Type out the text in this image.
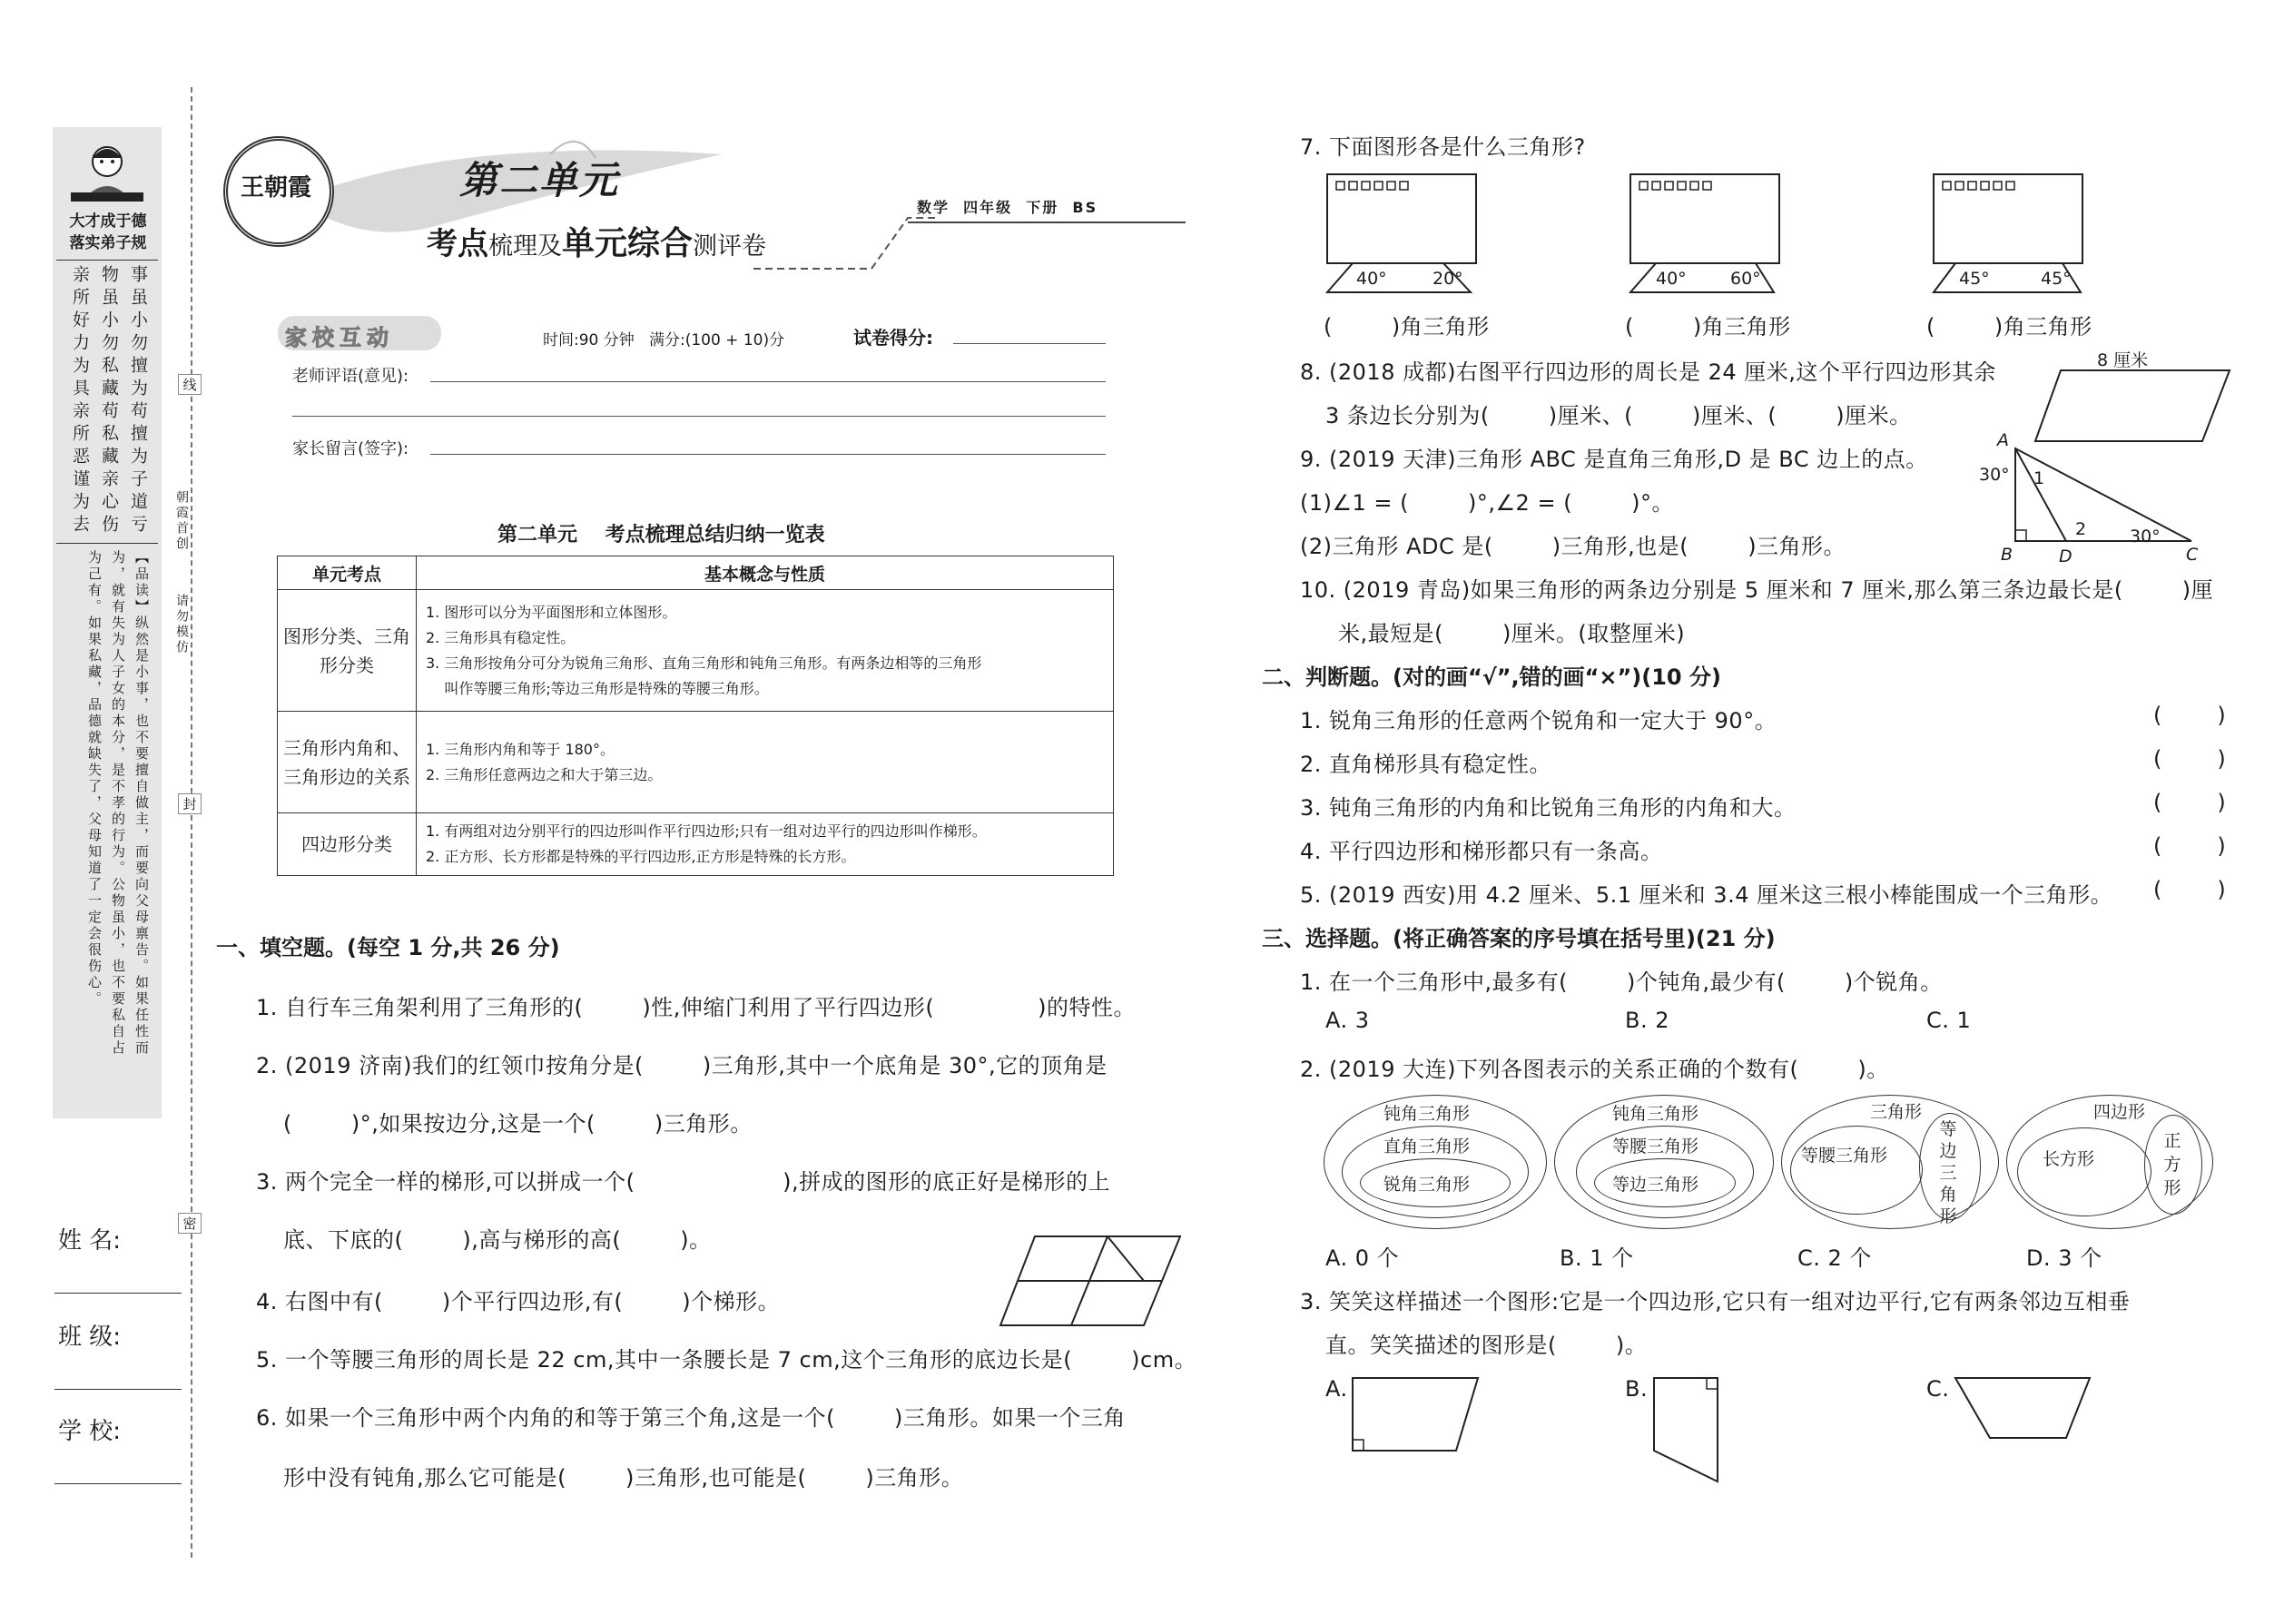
大才成于德
落实弟子规
事虽小勿擅为苟擅为子道亏
物虽小勿私藏苟私藏亲心伤
亲所好力为具亲所恶谨为去
【品读】纵然是小事，也不要擅自做主，而要向父母禀告。如果任性而
为，就有失为人子女的本分，是不孝的行为。公物虽小，也不要私自占
为己有。如果私藏，品德就缺失了，父母知道了一定会很伤心。
姓 名:
班 级:
学 校:
线
封
密
朝霞首创
请勿模仿
王朝霞	第二单元
考点梳理及单元综合测评卷
数学  四年级  下册  BS
家校互动	时间:90 分钟   满分:(100 + 10)分	试卷得分:
老师评语(意见):
家长留言(签字):
第二单元    考点梳理总结归纳一览表
单元考点	基本概念与性质
图形分类、三角形分类	1. 图形可以分为平面图形和立体图形。
2. 三角形具有稳定性。
3. 三角形按角分可分为锐角三角形、直角三角形和钝角三角形。有两条边相等的三角形
叫作等腰三角形;等边三角形是特殊的等腰三角形。

三角形内角和、三角形边的关系	1. 三角形内角和等于 180°。
2. 三角形任意两边之和大于第三边。

四边形分类	1. 有两组对边分别平行的四边形叫作平行四边形;只有一组对边平行的四边形叫作梯形。
2. 正方形、长方形都是特殊的平行四边形,正方形是特殊的长方形。
一、填空题。(每空 1 分,共 26 分)
1. 自行车三角架利用了三角形的(        )性,伸缩门利用了平行四边形(              )的特性。
2. (2019 济南)我们的红领巾按角分是(        )三角形,其中一个底角是 30°,它的顶角是
(        )°,如果按边分,这是一个(        )三角形。
3. 两个完全一样的梯形,可以拼成一个(                    ),拼成的图形的底正好是梯形的上
底、下底的(        ),高与梯形的高(        )。
4. 右图中有(        )个平行四边形,有(        )个梯形。
5. 一个等腰三角形的周长是 22 cm,其中一条腰长是 7 cm,这个三角形的底边长是(        )cm。
6. 如果一个三角形中两个内角的和等于第三个角,这是一个(        )三角形。如果一个三角
形中没有钝角,那么它可能是(        )三角形,也可能是(        )三角形。
7. 下面图形各是什么三角形?
40°	20°	40°	60°	45°	45°
(        )角三角形	(        )角三角形	(        )角三角形
8. (2018 成都)右图平行四边形的周长是 24 厘米,这个平行四边形其余
3 条边长分别为(        )厘米、(        )厘米、(        )厘米。
8 厘米
9. (2019 天津)三角形 ABC 是直角三角形,D 是 BC 边上的点。
(1)∠1 = (        )°,∠2 = (        )°。
(2)三角形 ADC 是(        )三角形,也是(        )三角形。
A
B	D	C
30°
30°
1
2
10. (2019 青岛)如果三角形的两条边分别是 5 厘米和 7 厘米,那么第三条边最长是(        )厘
米,最短是(        )厘米。(取整厘米)
二、判断题。(对的画“√”,错的画“×”)(10 分)
1. 锐角三角形的任意两个锐角和一定大于 90°。	(        )
2. 直角梯形具有稳定性。	(        )
3. 钝角三角形的内角和比锐角三角形的内角和大。	(        )
4. 平行四边形和梯形都只有一条高。	(        )
5. (2019 西安)用 4.2 厘米、5.1 厘米和 3.4 厘米这三根小棒能围成一个三角形。 (        )
三、选择题。(将正确答案的序号填在括号里)(21 分)
1. 在一个三角形中,最多有(        )个钝角,最少有(        )个锐角。
A. 3	B. 2	C. 1
2. (2019 大连)下列各图表示的关系正确的个数有(        )。
钝角三角形
直角三角形
锐角三角形
钝角三角形
等腰三角形
等边三角形
三角形
等腰三角形
等边三角形
四边形
长方形
正方形
A. 0 个	B. 1 个	C. 2 个	D. 3 个
3. 笑笑这样描述一个图形:它是一个四边形,它只有一组对边平行,它有两条邻边互相垂
直。笑笑描述的图形是(        )。
A.	B.	C.
